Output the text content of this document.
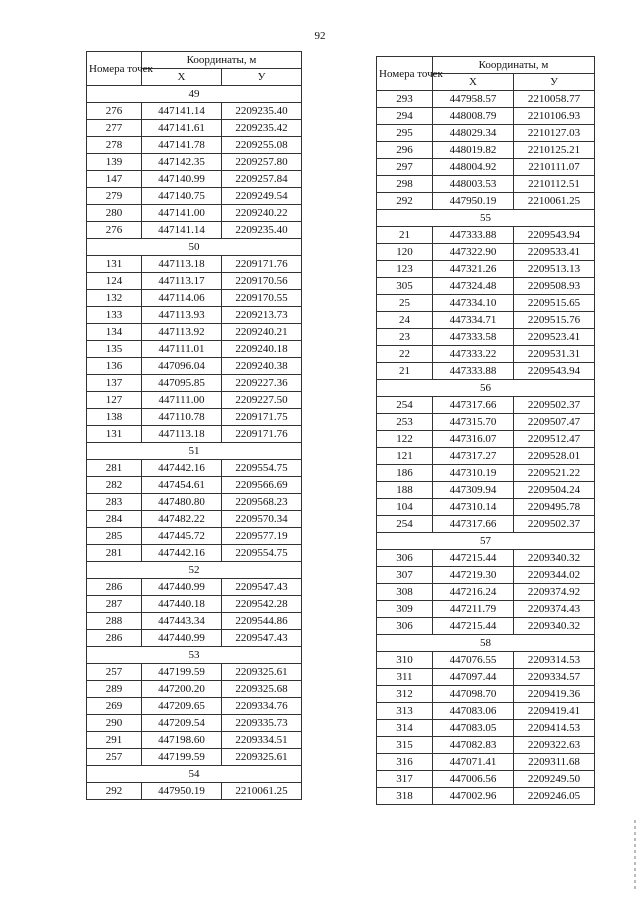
92
Номера точек	Координаты, м	
	X	У
49		
276	447141.14	2209235.40
277	447141.61	2209235.42
278	447141.78	2209255.08
139	447142.35	2209257.80
147	447140.99	2209257.84
279	447140.75	2209249.54
280	447141.00	2209240.22
276	447141.14	2209235.40
50		
131	447113.18	2209171.76
124	447113.17	2209170.56
132	447114.06	2209170.55
133	447113.93	2209213.73
134	447113.92	2209240.21
135	447111.01	2209240.18
136	447096.04	2209240.38
137	447095.85	2209227.36
127	447111.00	2209227.50
138	447110.78	2209171.75
131	447113.18	2209171.76
51		
281	447442.16	2209554.75
282	447454.61	2209566.69
283	447480.80	2209568.23
284	447482.22	2209570.34
285	447445.72	2209577.19
281	447442.16	2209554.75
52		
286	447440.99	2209547.43
287	447440.18	2209542.28
288	447443.34	2209544.86
286	447440.99	2209547.43
53		
257	447199.59	2209325.61
289	447200.20	2209325.68
269	447209.65	2209334.76
290	447209.54	2209335.73
291	447198.60	2209334.51
257	447199.59	2209325.61
54		
292	447950.19	2210061.25
Номера точек	Координаты, м	
	X	У
293	447958.57	2210058.77
294	448008.79	2210106.93
295	448029.34	2210127.03
296	448019.82	2210125.21
297	448004.92	2210111.07
298	448003.53	2210112.51
292	447950.19	2210061.25
55		
21	447333.88	2209543.94
120	447322.90	2209533.41
123	447321.26	2209513.13
305	447324.48	2209508.93
25	447334.10	2209515.65
24	447334.71	2209515.76
23	447333.58	2209523.41
22	447333.22	2209531.31
21	447333.88	2209543.94
56		
254	447317.66	2209502.37
253	447315.70	2209507.47
122	447316.07	2209512.47
121	447317.27	2209528.01
186	447310.19	2209521.22
188	447309.94	2209504.24
104	447310.14	2209495.78
254	447317.66	2209502.37
57		
306	447215.44	2209340.32
307	447219.30	2209344.02
308	447216.24	2209374.92
309	447211.79	2209374.43
306	447215.44	2209340.32
58		
310	447076.55	2209314.53
311	447097.44	2209334.57
312	447098.70	2209419.36
313	447083.06	2209419.41
314	447083.05	2209414.53
315	447082.83	2209322.63
316	447071.41	2209311.68
317	447006.56	2209249.50
318	447002.96	2209246.05
